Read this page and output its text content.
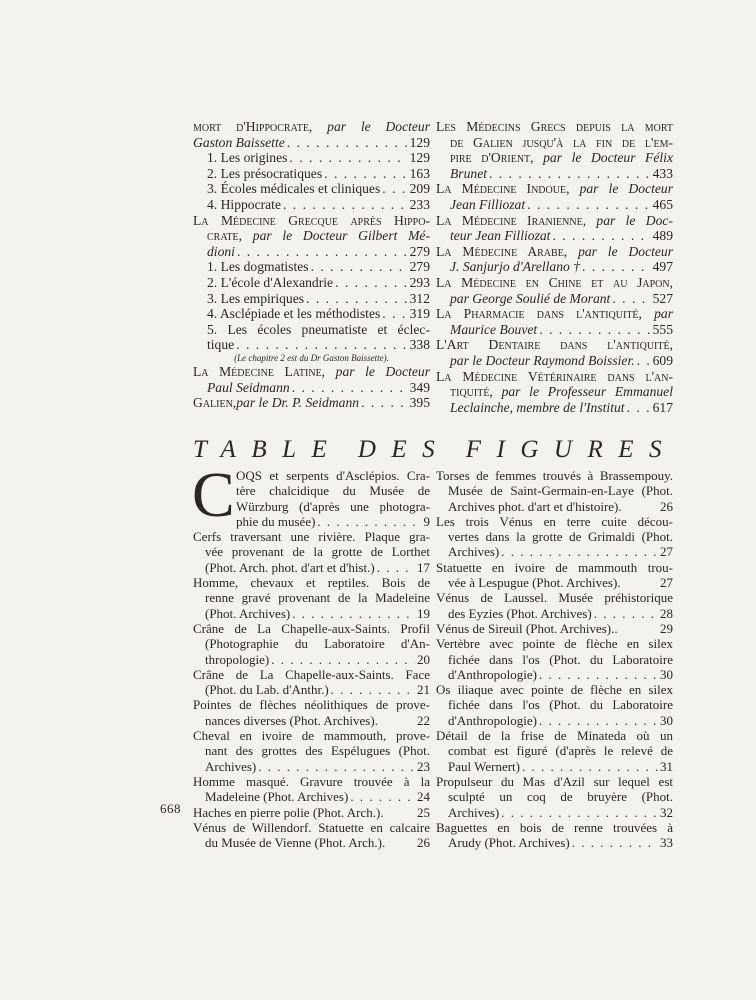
mort d'Hippocrate, par le Docteur
Gaston Baissette . . .	129
1. Les origines . . .	129
2. Les présocratiques . . .	163
3. Écoles médicales et cliniques . . . 209
4. Hippocrate . . .	233
La Médecine Grecque après Hippo-
crate, par le Docteur Gilbert Mé-
dioni . . .	279
1. Les dogmatistes . . .	279
2. L'école d'Alexandrie . . .	293
3. Les empiriques . . .	312
4. Asclépiade et les méthodistes . . . 319
5. Les écoles pneumatiste et éclec-
tique . . .	338
(Le chapitre 2 est du Dr Gaston Baissette).
La Médecine Latine, par le Docteur
Paul Seidmann . . .	349
Galien, par le Dr. P. Seidmann . . .	395
Les Médecins Grecs depuis la mort
de Galien jusqu'à la fin de l'em-
pire d'Orient, par le Docteur Félix
Brunet . . .	433
La Médecine Indoue, par le Docteur
Jean Filliozat . . .	465
La Médecine Iranienne, par le Doc-
teur Jean Filliozat . . .	489
La Médecine Arabe, par le Docteur
J. Sanjurjo d'Arellano † . . .	497
La Médecine en Chine et au Japon,
par George Soulié de Morant . . .	527
La Pharmacie dans l'antiquité, par
Maurice Bouvet . . .	555
L'Art Dentaire dans l'antiquité,
par le Docteur Raymond Boissier. . . . 609
La Médecine Vétérinaire dans l'an-
tiquité, par le Professeur Emmanuel
Leclainche, membre de l'Institut . . . 617
TABLE DES FIGURES
C OQS et serpents d'Asclépios. Cra-
tère chalcidique du Musée de
Würzburg (d'après une photogra-
phie du musée) . . .	9
Cerfs traversant une rivière. Plaque gra-
vée provenant de la grotte de Lorthet
(Phot. Arch. phot. d'art et d'hist.) . . .	17
Homme, chevaux et reptiles. Bois de
renne gravé provenant de la Madeleine
(Phot. Archives) . . .	19
Crâne de La Chapelle-aux-Saints. Profil
(Photographie du Laboratoire d'An-
thropologie) . . .	20
Crâne de La Chapelle-aux-Saints. Face
(Phot. du Lab. d'Anthr.) . . .	21
Pointes de flèches néolithiques de prove-
nances diverses (Phot. Archives).	22
Cheval en ivoire de mammouth, prove-
nant des grottes des Espélugues (Phot.
Archives) . . .	23
Homme masqué. Gravure trouvée à la
Madeleine (Phot. Archives) . . .	24
Haches en pierre polie (Phot. Arch.).	25
Vénus de Willendorf. Statuette en calcaire
du Musée de Vienne (Phot. Arch.). 26
Torses de femmes trouvés à Brassempouy.
Musée de Saint-Germain-en-Laye (Phot.
Archives phot. d'art et d'histoire).	26
Les trois Vénus en terre cuite décou-
vertes dans la grotte de Grimaldi (Phot.
Archives) . . .	27
Statuette en ivoire de mammouth trou-
vée à Lespugue (Phot. Archives).	27
Vénus de Laussel. Musée préhistorique
des Eyzies (Phot. Archives) . . .	28
Vénus de Sireuil (Phot. Archives)..	29
Vertèbre avec pointe de flèche en silex
fichée dans l'os (Phot. du Laboratoire
d'Anthropologie) . . .	30
Os iliaque avec pointe de flèche en silex
fichée dans l'os (Phot. du Laboratoire
d'Anthropologie) . . .	30
Détail de la frise de Minateda où un
combat est figuré (d'après le relevé de
Paul Wernert) . . .	31
Propulseur du Mas d'Azil sur lequel est
sculpté un coq de bruyère (Phot.
Archives) . . .	32
Baguettes en bois de renne trouvées à
Arudy (Phot. Archives) . . .	33
668
